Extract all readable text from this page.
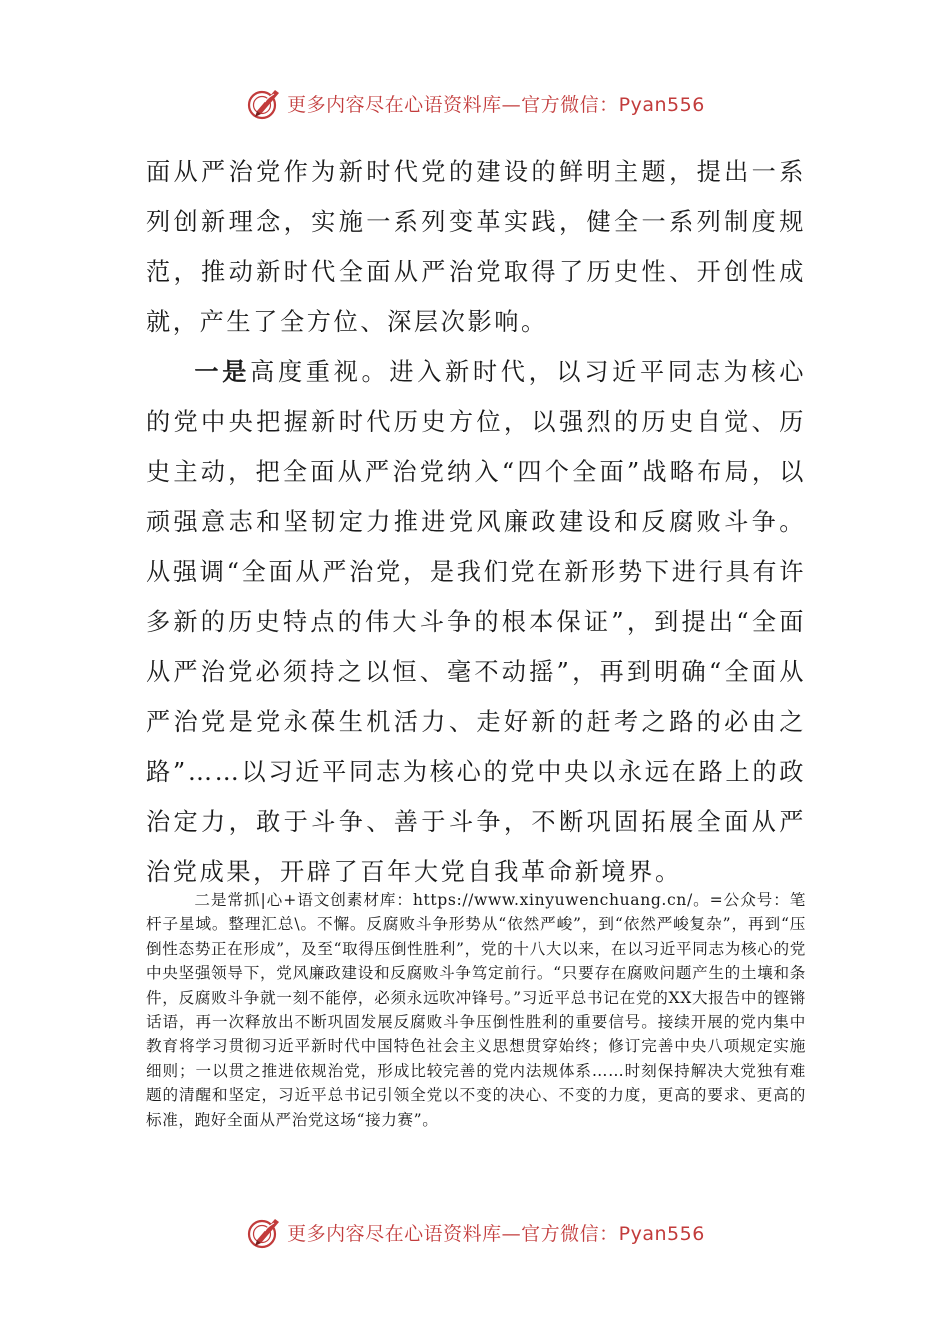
更多内容尽在心语资料库—官方微信：Pyan556

面从严治党作为新时代党的建设的鲜明主题，提出一系列创新理念，实施一系列变革实践，健全一系列制度规范，推动新时代全面从严治党取得了历史性、开创性成就，产生了全方位、深层次影响。

一是高度重视。进入新时代，以习近平同志为核心的党中央把握新时代历史方位，以强烈的历史自觉、历史主动，把全面从严治党纳入“四个全面”战略布局，以顽强意志和坚韧定力推进党风廉政建设和反腐败斗争。从强调“全面从严治党，是我们党在新形势下进行具有许多新的历史特点的伟大斗争的根本保证”，到提出“全面从严治党必须持之以恒、毫不动摇”，再到明确“全面从严治党是党永葆生机活力、走好新的赶考之路的必由之路”……以习近平同志为核心的党中央以永远在路上的政治定力，敢于斗争、善于斗争，不断巩固拓展全面从严治党成果，开辟了百年大党自我革命新境界。

二是常抓|心+语文创素材库：https://www.xinyuwenchuang.cn/。=公众号：笔杆子星域。整理汇总\。不懈。反腐败斗争形势从“依然严峻”，到“依然严峻复杂”，再到“压倒性态势正在形成”，及至“取得压倒性胜利”，党的十八大以来，在以习近平同志为核心的党中央坚强领导下，党风廉政建设和反腐败斗争笃定前行。“只要存在腐败问题产生的土壤和条件，反腐败斗争就一刻不能停，必须永远吹冲锋号。”习近平总书记在党的XX大报告中的铿锵话语，再一次释放出不断巩固发展反腐败斗争压倒性胜利的重要信号。接续开展的党内集中教育将学习贯彻习近平新时代中国特色社会主义思想贯穿始终；修订完善中央八项规定实施细则；一以贯之推进依规治党，形成比较完善的党内法规体系……时刻保持解决大党独有难题的清醒和坚定，习近平总书记引领全党以不变的决心、不变的力度，更高的要求、更高的标准，跑好全面从严治党这场“接力赛”。

更多内容尽在心语资料库—官方微信：Pyan556
